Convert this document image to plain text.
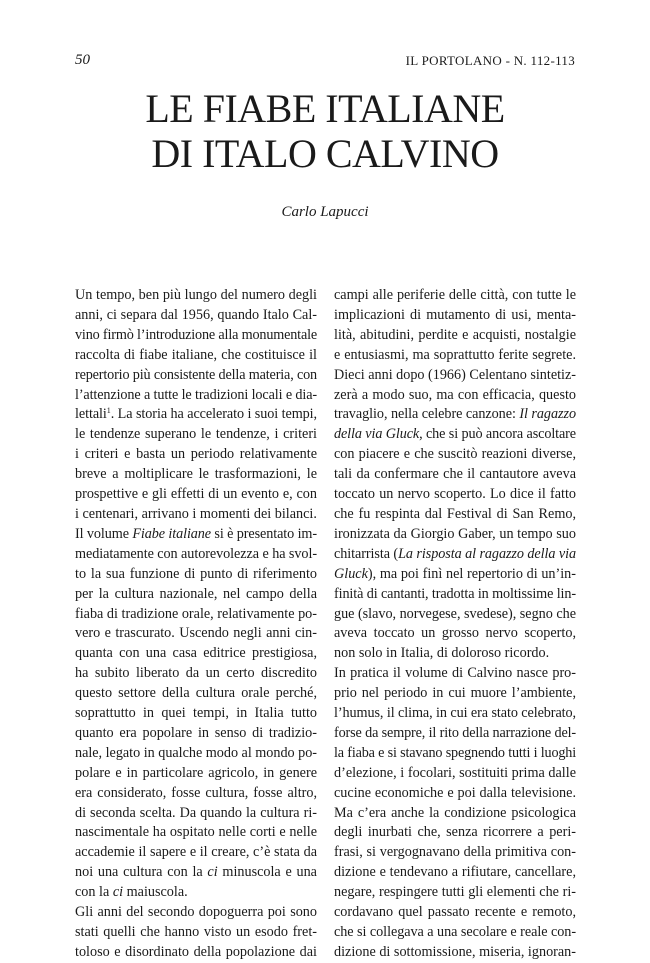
50	IL PORTOLANO - N. 112-113
LE FIABE ITALIANE
DI ITALO CALVINO
Carlo Lapucci

Un tempo, ben più lungo del numero degli
anni, ci separa dal 1956, quando Italo Cal-
vino firmò l’introduzione alla monumentale
raccolta di fiabe italiane, che costituisce il
repertorio più consistente della materia, con
l’attenzione a tutte le tradizioni locali e dia-
lettali$^1$. La storia ha accelerato i suoi tempi,
le tendenze superano le tendenze, i criteri
i criteri e basta un periodo relativamente
breve a moltiplicare le trasformazioni, le
prospettive e gli effetti di un evento e, con
i centenari, arrivano i momenti dei bilanci.

Il volume Fiabe italiane si è presentato im-
mediatamente con autorevolezza e ha svol-
to la sua funzione di punto di riferimento
per la cultura nazionale, nel campo della
fiaba di tradizione orale, relativamente po-
vero e trascurato. Uscendo negli anni cin-
quanta con una casa editrice prestigiosa,
ha subito liberato da un certo discredito
questo settore della cultura orale perché,
soprattutto in quei tempi, in Italia tutto
quanto era popolare in senso di tradizio-
nale, legato in qualche modo al mondo po-
polare e in particolare agricolo, in genere
era considerato, fosse cultura, fosse altro,
di seconda scelta. Da quando la cultura ri-
nascimentale ha ospitato nelle corti e nelle
accademie il sapere e il creare, c’è stata da
noi una cultura con la ci minuscola e una
con la ci maiuscola.

Gli anni del secondo dopoguerra poi sono
stati quelli che hanno visto un esodo fret-
toloso e disordinato della popolazione dai

campi alle periferie delle città, con tutte le
implicazioni di mutamento di usi, menta-
lità, abitudini, perdite e acquisti, nostalgie
e entusiasmi, ma soprattutto ferite segrete.
Dieci anni dopo (1966) Celentano sintetiz-
zerà a modo suo, ma con efficacia, questo
travaglio, nella celebre canzone: Il ragazzo
della via Gluck, che si può ancora ascoltare
con piacere e che suscitò reazioni diverse,
tali da confermare che il cantautore aveva
toccato un nervo scoperto. Lo dice il fatto
che fu respinta dal Festival di San Remo,
ironizzata da Giorgio Gaber, un tempo suo
chitarrista (La risposta al ragazzo della via
Gluck), ma poi finì nel repertorio di un’in-
finità di cantanti, tradotta in moltissime lin-
gue (slavo, norvegese, svedese), segno che
aveva toccato un grosso nervo scoperto,
non solo in Italia, di doloroso ricordo.

In pratica il volume di Calvino nasce pro-
prio nel periodo in cui muore l’ambiente,
l’humus, il clima, in cui era stato celebrato,
forse da sempre, il rito della narrazione del-
la fiaba e si stavano spegnendo tutti i luoghi
d’elezione, i focolari, sostituiti prima dalle
cucine economiche e poi dalla televisione.
Ma c’era anche la condizione psicologica
degli inurbati che, senza ricorrere a peri-
frasi, si vergognavano della primitiva con-
dizione e tendevano a rifiutare, cancellare,
negare, respingere tutti gli elementi che ri-
cordavano quel passato recente e remoto,
che si collegava a una secolare e reale con-
dizione di sottomissione, miseria, ignoran-
